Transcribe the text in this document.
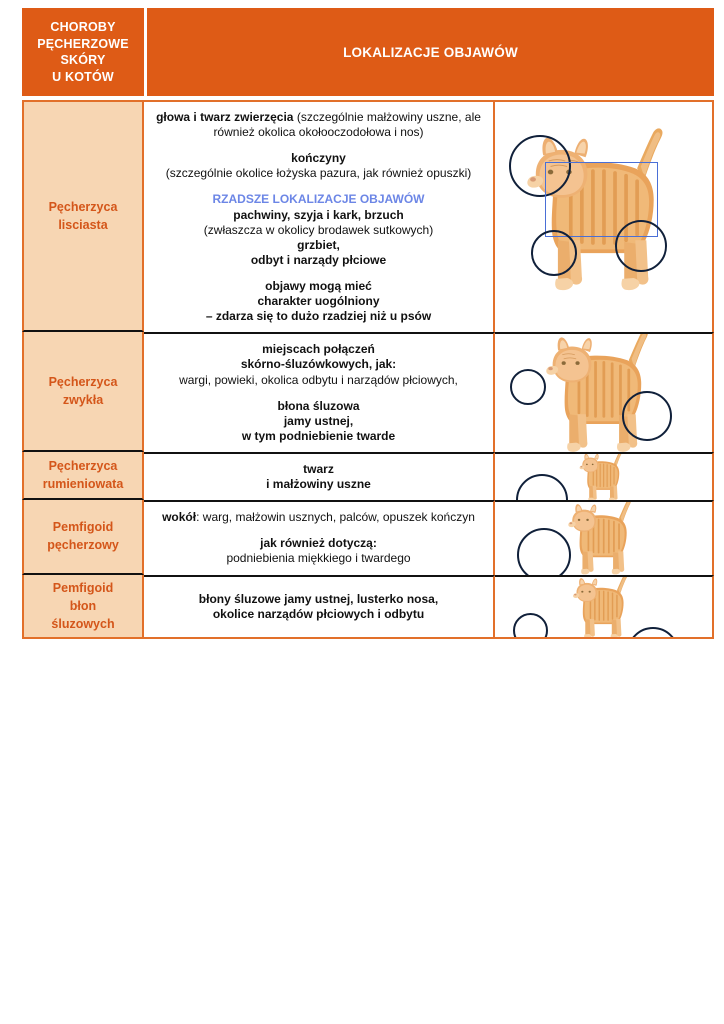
CHOROBY
PĘCHERZOWE
SKÓRY
U KOTÓW
LOKALIZACJE OBJAWÓW
Pęcherzyca
lisciasta

głowa i twarz zwierzęcia (szczególnie małżowiny uszne, ale również okolica okołooczodołowa i nos)

kończyny

(szczególnie okolice łożyska pazura, jak również opuszki)

RZADSZE LOKALIZACJE OBJAWÓW

pachwiny, szyja i kark, brzuch

(zwłaszcza w okolicy brodawek sutkowych)

grzbiet,

odbyt i narządy płciowe

objawy mogą mieć

charakter uogólniony

– zdarza się to dużo rzadziej niż u psów

Pęcherzyca
zwykła

miejscach połączeń

skórno-śluzówkowych, jak:

wargi, powieki, okolica odbytu i narządów płciowych,

błona śluzowa

jamy ustnej,

w tym podniebienie twarde

Pęcherzyca
rumieniowata

twarz

i małżowiny uszne

Pemfigoid
pęcherzowy

wokół: warg, małżowin usznych, palców, opuszek kończyn

jak również dotyczą:

podniebienia miękkiego i twardego

Pemfigoid
błon
śluzowych

błony śluzowe jamy ustnej, lusterko nosa,

okolice narządów płciowych i odbytu
